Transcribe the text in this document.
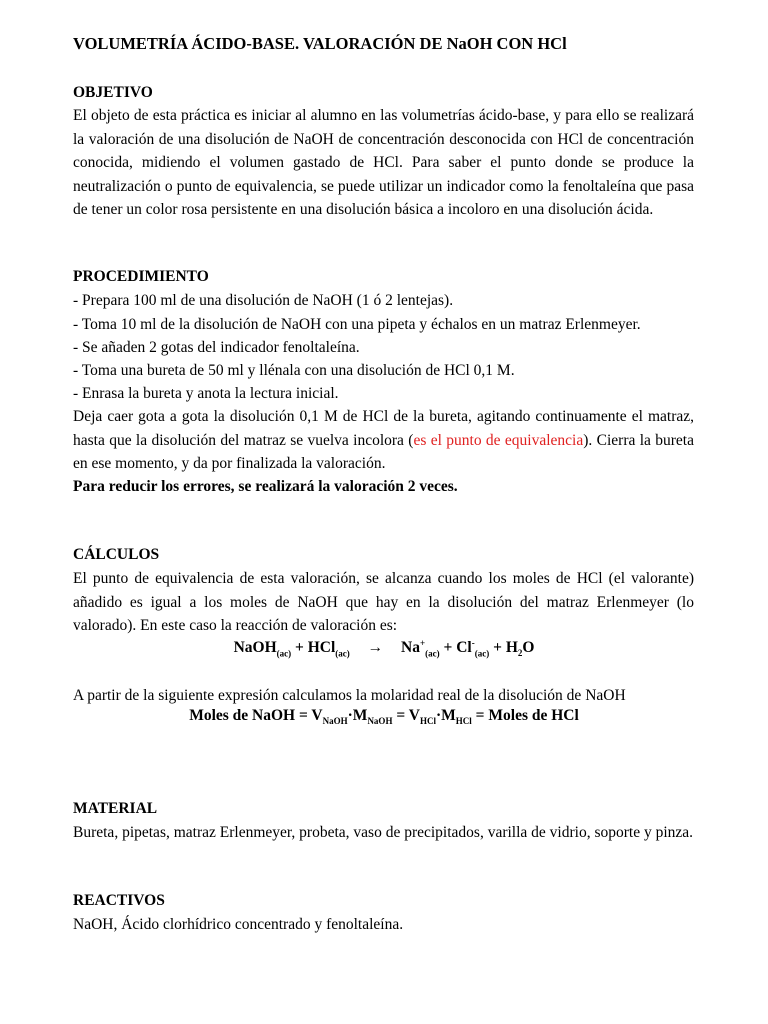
VOLUMETRÍA ÁCIDO-BASE. VALORACIÓN DE NaOH CON HCl
OBJETIVO

El objeto de esta práctica es iniciar al alumno en las volumetrías ácido-base, y para ello se realizará la valoración de una disolución de NaOH de concentración desconocida con HCl de concentración conocida, midiendo el volumen gastado de HCl. Para saber el punto donde se produce la neutralización o punto de equivalencia, se puede utilizar un indicador como la fenoltaleína que pasa de tener un color rosa persistente en una disolución básica a incoloro en una disolución ácida.

PROCEDIMIENTO
- Prepara 100 ml de una disolución de NaOH (1 ó 2 lentejas).
- Toma 10 ml de la disolución de NaOH con una pipeta y échalos en un matraz Erlenmeyer.
- Se añaden 2 gotas del indicador fenoltaleína.
- Toma una bureta de 50 ml y llénala con una disolución de HCl 0,1 M.
- Enrasa la bureta y anota la lectura inicial.

Deja caer gota a gota la disolución 0,1 M de HCl de la bureta, agitando continuamente el matraz, hasta que la disolución del matraz se vuelva incolora (es el punto de equivalencia). Cierra la bureta en ese momento, y da por finalizada la valoración.

Para reducir los errores, se realizará la valoración 2 veces.
CÁLCULOS

El punto de equivalencia de esta valoración, se alcanza cuando los moles de HCl (el valorante) añadido es igual a los moles de NaOH que hay en la disolución del matraz Erlenmeyer (lo valorado). En este caso la reacción de valoración es:

NaOH$_{(ac)}$ + $HCl_{(ac)} \to Na^+_{(ac)} + Cl^-_{(ac)} + H_2O$
A partir de la siguiente expresión calculamos la molaridad real de la disolución de NaOH
Moles de NaOH = $V_{NaOH}\cdot M_{NaOH} = V_{HCl}\cdot M_{HCl}$ = Moles de HCl
MATERIAL

Bureta, pipetas, matraz Erlenmeyer, probeta, vaso de precipitados, varilla de vidrio, soporte y pinza.

REACTIVOS
NaOH, Ácido clorhídrico concentrado y fenoltaleína.
